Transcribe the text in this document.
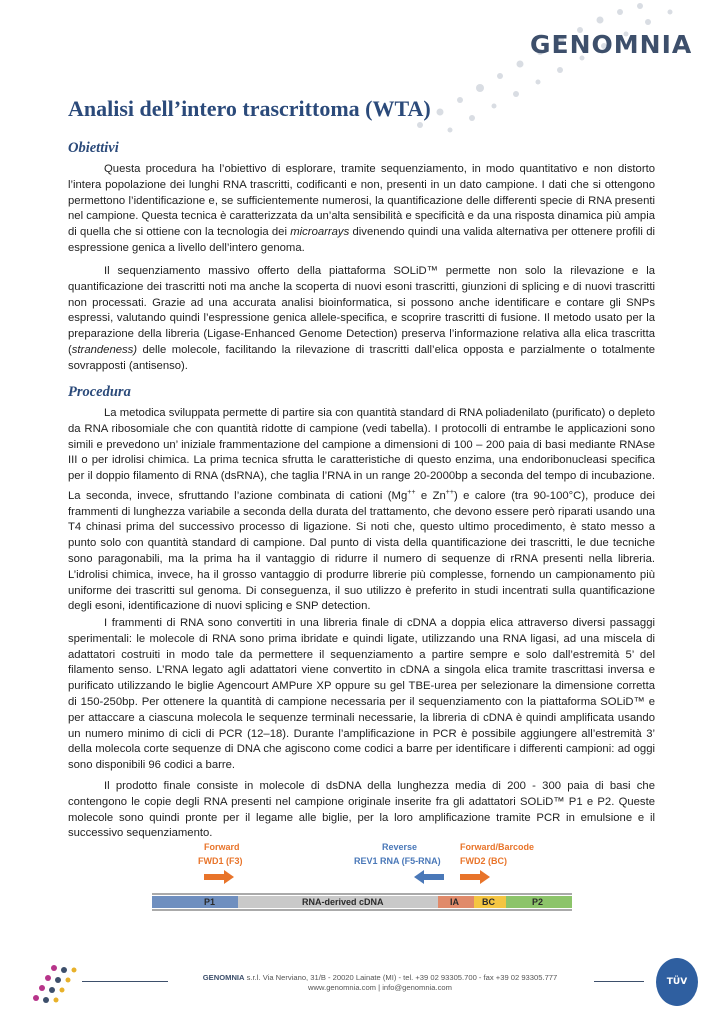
GENOMNIA
Analisi dell’intero trascrittoma (WTA)
Obiettivi

Questa procedura ha l’obiettivo di esplorare, tramite sequenziamento, in modo quantitativo e non distorto l’intera popolazione dei lunghi RNA trascritti, codificanti e non, presenti in un dato campione. I dati che si ottengono permettono l’identificazione e, se sufficientemente numerosi, la quantificazione delle differenti specie di RNA presenti nel campione. Questa tecnica è caratterizzata da un’alta sensibilità e specificità e da una risposta dinamica più ampia di quella che si ottiene con la tecnologia dei microarrays divenendo quindi una valida alternativa per ottenere profili di espressione genica a livello dell’intero genoma.

Il sequenziamento massivo offerto della piattaforma SOLiD™ permette non solo la rilevazione e la quantificazione dei trascritti noti ma anche la scoperta di nuovi esoni trascritti, giunzioni di splicing e di nuovi trascritti non processati. Grazie ad una accurata analisi bioinformatica, si possono anche identificare e contare gli SNPs espressi, valutando quindi l’espressione genica allele-specifica, e scoprire trascritti di fusione. Il metodo usato per la preparazione della libreria (Ligase-Enhanced Genome Detection) preserva l’informazione relativa alla elica trascritta (strandeness) delle molecole, facilitando la rilevazione di trascritti dall’elica opposta e parzialmente o totalmente sovrapposti (antisenso).

Procedura

La metodica sviluppata permette di partire sia con quantità standard di RNA poliadenilato (purificato) o depleto da RNA ribosomiale che con quantità ridotte di campione (vedi tabella). I protocolli di entrambe le applicazioni sono simili e prevedono un’ iniziale frammentazione del campione a dimensioni di 100 – 200 paia di basi mediante RNAse III o per idrolisi chimica. La prima tecnica sfrutta le caratteristiche di questo enzima, una endoribonucleasi specifica per il doppio filamento di RNA (dsRNA), che taglia l’RNA in un range 20-2000bp a seconda del tempo di incubazione. La seconda, invece, sfruttando l’azione combinata di cationi (Mg++ e Zn++) e calore (tra 90-100°C), produce dei frammenti di lunghezza variabile a seconda della durata del trattamento, che devono essere però riparati usando una T4 chinasi prima del successivo processo di ligazione. Si noti che, questo ultimo procedimento, è stato messo a punto solo con quantità standard di campione. Dal punto di vista della quantificazione dei trascritti, le due tecniche sono paragonabili, ma la prima ha il vantaggio di ridurre il numero di sequenze di rRNA presenti nella libreria. L’idrolisi chimica, invece, ha il grosso vantaggio di produrre librerie più complesse, fornendo un campionamento più uniforme dei trascritti sul genoma. Di conseguenza, il suo utilizzo è preferito in studi incentrati sulla quantificazione degli esoni, identificazione di nuovi splicing e SNP detection.

I frammenti di RNA sono convertiti in una libreria finale di cDNA a doppia elica attraverso diversi passaggi sperimentali: le molecole di RNA sono prima ibridate e quindi ligate, utilizzando una RNA ligasi, ad una miscela di adattatori costruiti in modo tale da permettere il sequenziamento a partire sempre e solo dall’estremità 5’ del filamento senso. L’RNA legato agli adattatori viene convertito in cDNA a singola elica tramite trascrittasi inversa e purificato utilizzando le biglie Agencourt AMPure XP oppure su gel TBE-urea per selezionare la dimensione corretta di 150-250bp. Per ottenere la quantità di campione necessaria per il sequenziamento con la piattaforma SOLiD™ e per attaccare a ciascuna molecola le sequenze terminali necessarie, la libreria di cDNA è quindi amplificata usando un numero minimo di cicli di PCR (12–18). Durante l’amplificazione in PCR è possibile aggiungere all’estremità 3’ della molecola corte sequenze di DNA che agiscono come codici a barre per identificare i differenti campioni: ad oggi sono disponibili 96 codici a barre.

Il prodotto finale consiste in molecole di dsDNA della lunghezza media di 200 - 300 paia di basi che contengono le copie degli RNA presenti nel campione originale inserite fra gli adattatori SOLiD™ P1 e P2. Queste molecole sono quindi pronte per il legame alle biglie, per la loro amplificazione tramite PCR in emulsione e il successivo sequenziamento.

Forward
FWD1 (F3)
Reverse
REV1 RNA (F5-RNA)
Forward/Barcode
FWD2 (BC)
P1	RNA-derived cDNA	IA	BC	P2
GENOMNIA s.r.l. Via Nerviano, 31/B - 20020 Lainate (MI) - tel. +39 02 93305.700 - fax +39 02 93305.777
www.genomnia.com | info@genomnia.com
TÜV
